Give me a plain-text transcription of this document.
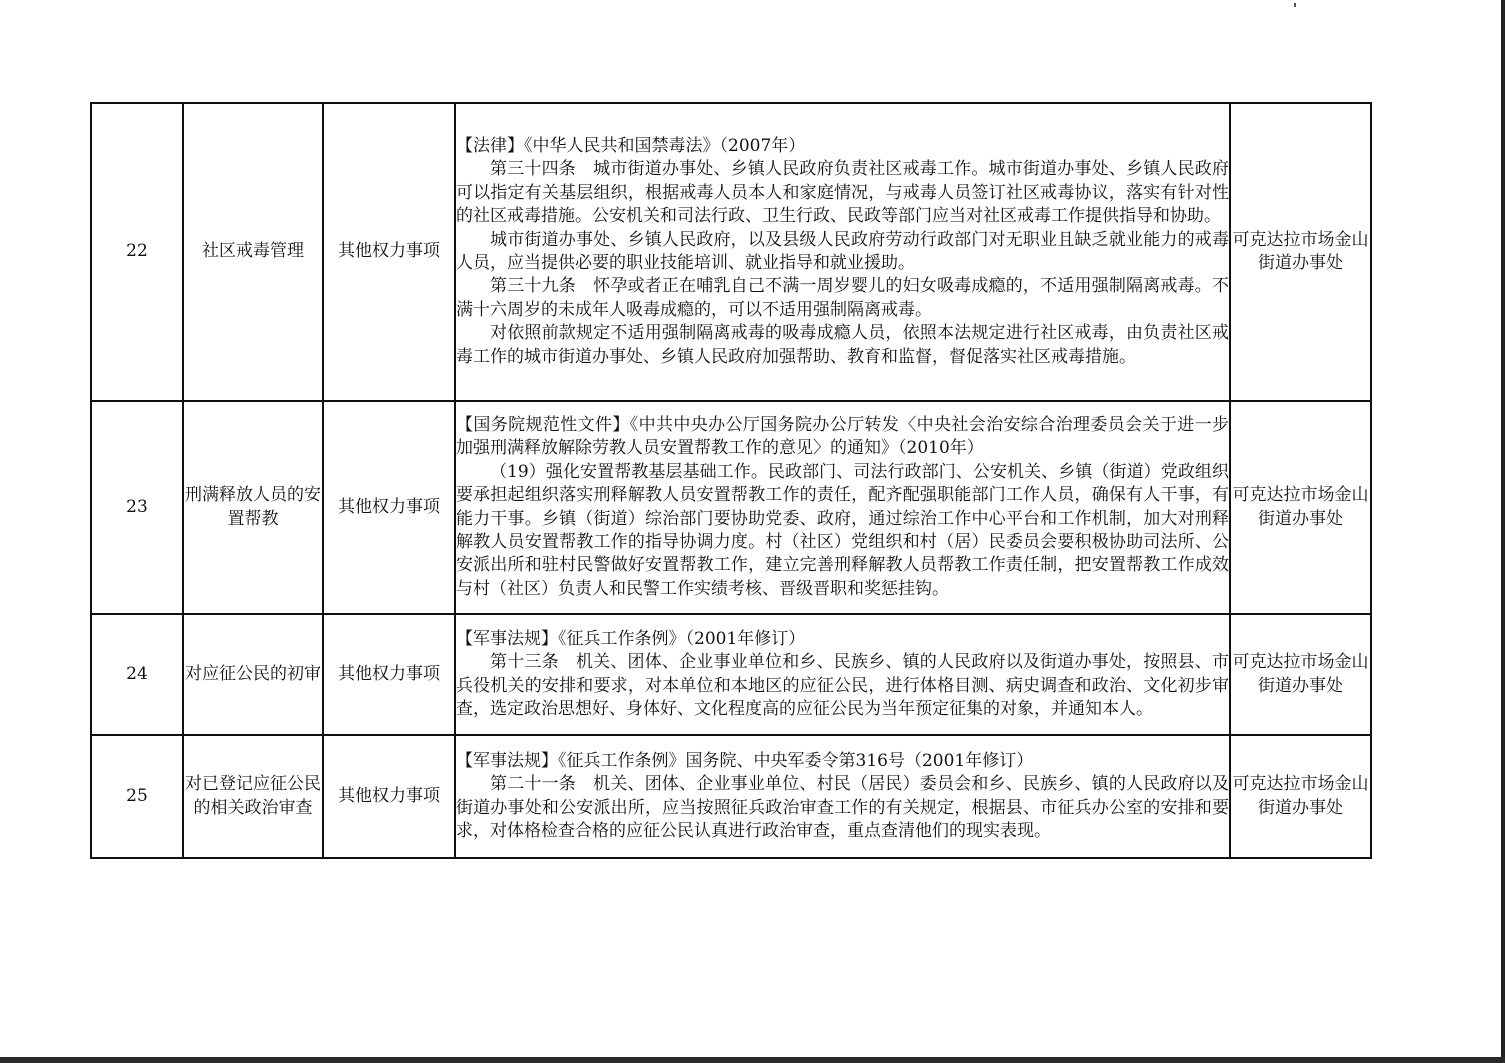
22	社区戒毒管理	其他权力事项	【法律】《中华人民共和国禁毒法》（2007年）

第三十四条　城市街道办事处、乡镇人民政府负责社区戒毒工作。城市街道办事处、乡镇人民政府可以指定有关基层组织，根据戒毒人员本人和家庭情况，与戒毒人员签订社区戒毒协议，落实有针对性的社区戒毒措施。公安机关和司法行政、卫生行政、民政等部门应当对社区戒毒工作提供指导和协助。

城市街道办事处、乡镇人民政府，以及县级人民政府劳动行政部门对无职业且缺乏就业能力的戒毒人员，应当提供必要的职业技能培训、就业指导和就业援助。

第三十九条　怀孕或者正在哺乳自己不满一周岁婴儿的妇女吸毒成瘾的，不适用强制隔离戒毒。不满十六周岁的未成年人吸毒成瘾的，可以不适用强制隔离戒毒。

对依照前款规定不适用强制隔离戒毒的吸毒成瘾人员，依照本法规定进行社区戒毒，由负责社区戒毒工作的城市街道办事处、乡镇人民政府加强帮助、教育和监督，督促落实社区戒毒措施。	可克达拉市场金山街道办事处
23	刑满释放人员的安置帮教	其他权力事项	【国务院规范性文件】《中共中央办公厅国务院办公厅转发〈中央社会治安综合治理委员会关于进一步加强刑满释放解除劳教人员安置帮教工作的意见〉的通知》（2010年）

（19）强化安置帮教基层基础工作。民政部门、司法行政部门、公安机关、乡镇（街道）党政组织要承担起组织落实刑释解教人员安置帮教工作的责任，配齐配强职能部门工作人员，确保有人干事，有能力干事。乡镇（街道）综治部门要协助党委、政府，通过综治工作中心平台和工作机制，加大对刑释解教人员安置帮教工作的指导协调力度。村（社区）党组织和村（居）民委员会要积极协助司法所、公安派出所和驻村民警做好安置帮教工作，建立完善刑释解教人员帮教工作责任制，把安置帮教工作成效与村（社区）负责人和民警工作实绩考核、晋级晋职和奖惩挂钩。	可克达拉市场金山街道办事处
24	对应征公民的初审	其他权力事项	【军事法规】《征兵工作条例》（2001年修订）

第十三条　机关、团体、企业事业单位和乡、民族乡、镇的人民政府以及街道办事处，按照县、市兵役机关的安排和要求，对本单位和本地区的应征公民，进行体格目测、病史调查和政治、文化初步审查，选定政治思想好、身体好、文化程度高的应征公民为当年预定征集的对象，并通知本人。	可克达拉市场金山街道办事处
25	对已登记应征公民的相关政治审查	其他权力事项	【军事法规】《征兵工作条例》国务院、中央军委令第316号（2001年修订）

第二十一条　机关、团体、企业事业单位、村民（居民）委员会和乡、民族乡、镇的人民政府以及街道办事处和公安派出所，应当按照征兵政治审查工作的有关规定，根据县、市征兵办公室的安排和要求，对体格检查合格的应征公民认真进行政治审查，重点查清他们的现实表现。	可克达拉市场金山街道办事处
